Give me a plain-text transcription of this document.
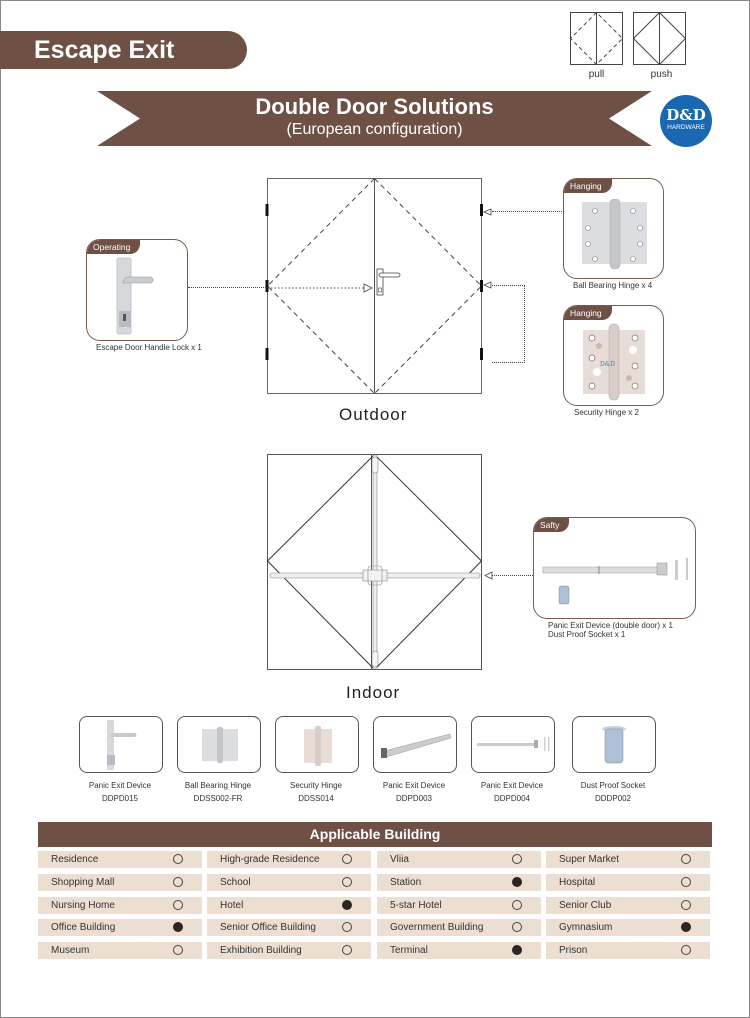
Escape Exit
pull	push
Double Door Solutions
(European configuration)
D&D
HARDWARE
Outdoor
Operating
Escape Door Handle Lock x 1
Hanging
Ball Bearing Hinge x 4
Hanging
D&D
Security Hinge x 2
Indoor
Safty
Panic Exit Device (double door) x 1
Dust Proof Socket x 1
Panic Exit Device
DDPD015
Ball Bearing Hinge
DDSS002-FR
Security Hinge
DDSS014
Panic Exit Device
DDPD003
Panic Exit Device
DDPD004
Dust Proof Socket
DDDP002
Applicable Building
Residence
Shopping Mall
Nursing Home
Office Building
Museum
High-grade Residence
School
Hotel
Senior Office Building
Exhibition Building
Vliia
Station
5-star Hotel
Government Building
Terminal
Super Market
Hospital
Senior Club
Gymnasium
Prison
